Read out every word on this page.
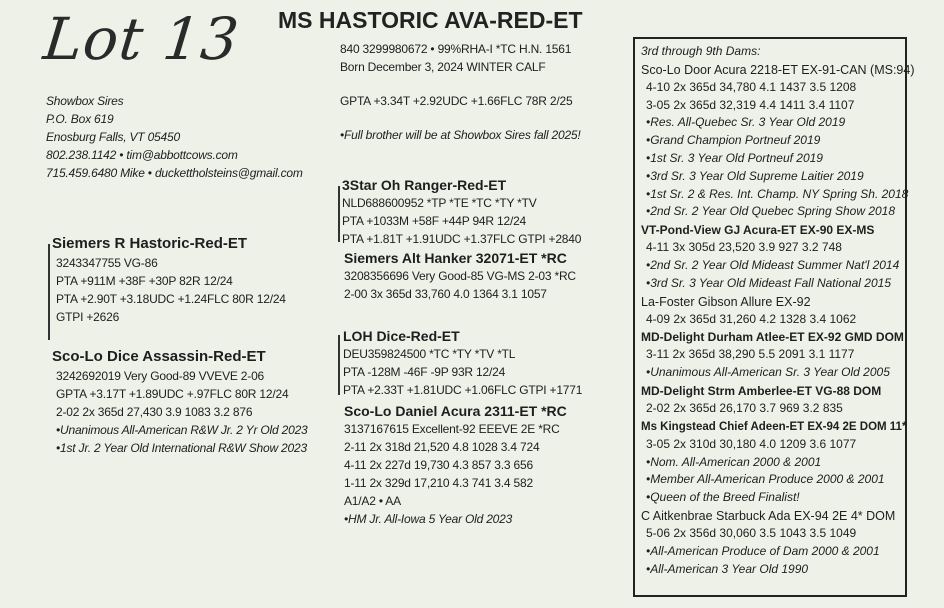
Lot 13 MS HASTORIC AVA-RED-ET
Showbox Sires
P.O. Box 619
Enosburg Falls, VT 05450
802.238.1142 • tim@abbottcows.com
715.459.6480 Mike • duckettholsteins@gmail.com
840 3299980672 • 99%RHA-I *TC H.N. 1561
Born December 3, 2024 WINTER CALF
GPTA +3.34T +2.92UDC +1.66FLC 78R 2/25
•Full brother will be at Showbox Sires fall 2025!
Siemers R Hastoric-Red-ET
3243347755 VG-86
PTA +911M +38F +30P 82R 12/24
PTA +2.90T +3.18UDC +1.24FLC 80R 12/24
GTPI +2626
Sco-Lo Dice Assassin-Red-ET
3242692019 Very Good-89 VVEVE 2-06
GPTA +3.17T +1.89UDC +.97FLC 80R 12/24
2-02 2x 365d 27,430 3.9 1083 3.2 876
•Unanimous All-American R&W Jr. 2 Yr Old 2023
•1st Jr. 2 Year Old International R&W Show 2023
3Star Oh Ranger-Red-ET
NLD688600952 *TP *TE *TC *TY *TV
PTA +1033M +58F +44P 94R 12/24
PTA +1.81T +1.91UDC +1.37FLC GTPI +2840
Siemers Alt Hanker 32071-ET *RC
3208356696 Very Good-85 VG-MS 2-03 *RC
2-00 3x 365d 33,760 4.0 1364 3.1 1057
LOH Dice-Red-ET
DEU359824500 *TC *TY *TV *TL
PTA -128M -46F -9P 93R 12/24
PTA +2.33T +1.81UDC +1.06FLC GTPI +1771
Sco-Lo Daniel Acura 2311-ET *RC
3137167615 Excellent-92 EEEVE 2E *RC
2-11 2x 318d 21,520 4.8 1028 3.4 724
4-11 2x 227d 19,730 4.3 857 3.3 656
1-11 2x 329d 17,210 4.3 741 3.4 582
A1/A2 • AA
•HM Jr. All-Iowa 5 Year Old 2023
3rd through 9th Dams:
Sco-Lo Door Acura 2218-ET EX-91-CAN (MS:94)
4-10 2x 365d 34,780 4.1 1437 3.5 1208
3-05 2x 365d 32,319 4.4 1411 3.4 1107
•Res. All-Quebec Sr. 3 Year Old 2019
•Grand Champion Portneuf 2019
•1st Sr. 3 Year Old Portneuf 2019
•3rd Sr. 3 Year Old Supreme Laitier 2019
•1st Sr. 2 & Res. Int. Champ. NY Spring Sh. 2018
•2nd Sr. 2 Year Old Quebec Spring Show 2018
VT-Pond-View GJ Acura-ET EX-90 EX-MS
4-11 3x 305d 23,520 3.9 927 3.2 748
•2nd Sr. 2 Year Old Mideast Summer Nat'l 2014
•3rd Sr. 3 Year Old Mideast Fall National 2015
La-Foster Gibson Allure EX-92
4-09 2x 365d 31,260 4.2 1328 3.4 1062
MD-Delight Durham Atlee-ET EX-92 GMD DOM
3-11 2x 365d 38,290 5.5 2091 3.1 1177
•Unanimous All-American Sr. 3 Year Old 2005
MD-Delight Strm Amberlee-ET VG-88 DOM
2-02 2x 365d 26,170 3.7 969 3.2 835
Ms Kingstead Chief Adeen-ET EX-94 2E DOM 11*
3-05 2x 310d 30,180 4.0 1209 3.6 1077
•Nom. All-American 2000 & 2001
•Member All-American Produce 2000 & 2001
•Queen of the Breed Finalist!
C Aitkenbrae Starbuck Ada EX-94 2E 4* DOM
5-06 2x 356d 30,060 3.5 1043 3.5 1049
•All-American Produce of Dam 2000 & 2001
•All-American 3 Year Old 1990
